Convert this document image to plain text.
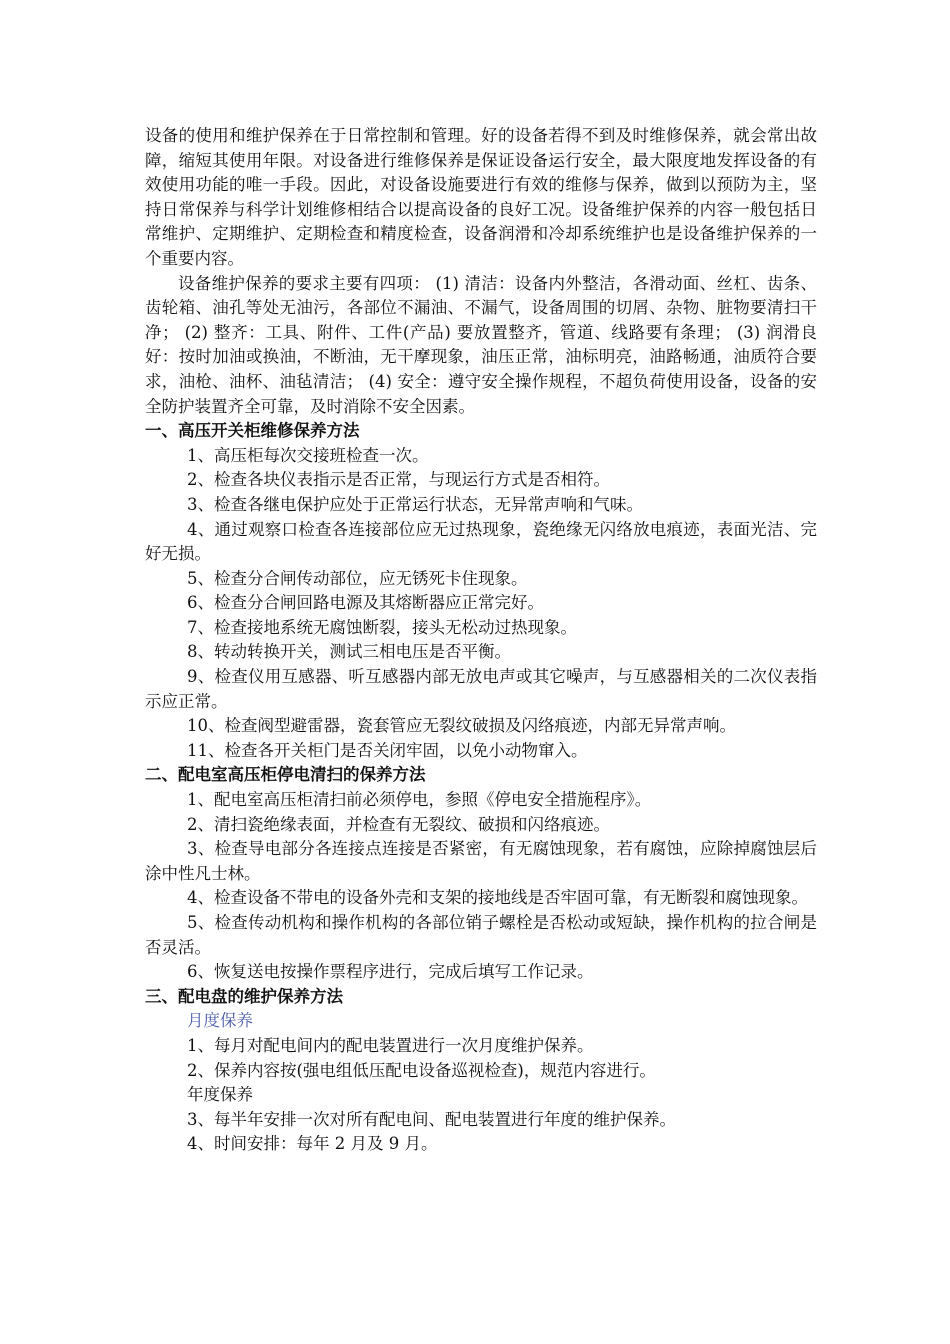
设备的使用和维护保养在于日常控制和管理。好的设备若得不到及时维修保养，就会常出故障，缩短其使用年限。对设备进行维修保养是保证设备运行安全，最大限度地发挥设备的有效使用功能的唯一手段。因此，对设备设施要进行有效的维修与保养，做到以预防为主，坚持日常保养与科学计划维修相结合以提高设备的良好工况。设备维护保养的内容一般包括日常维护、定期维护、定期检查和精度检查，设备润滑和冷却系统维护也是设备维护保养的一个重要内容。

设备维护保养的要求主要有四项： (1) 清洁：设备内外整洁，各滑动面、丝杠、齿条、齿轮箱、油孔等处无油污，各部位不漏油、不漏气，设备周围的切屑、杂物、脏物要清扫干净； (2) 整齐：工具、附件、工件(产品) 要放置整齐，管道、线路要有条理； (3) 润滑良好：按时加油或换油，不断油，无干摩现象，油压正常，油标明亮，油路畅通，油质符合要求，油枪、油杯、油毡清洁； (4) 安全：遵守安全操作规程，不超负荷使用设备，设备的安全防护装置齐全可靠，及时消除不安全因素。

一、高压开关柜维修保养方法

1、高压柜每次交接班检查一次。

2、检查各块仪表指示是否正常，与现运行方式是否相符。

3、检查各继电保护应处于正常运行状态，无异常声响和气味。

4、通过观察口检查各连接部位应无过热现象，瓷绝缘无闪络放电痕迹，表面光洁、完好无损。

5、检查分合闸传动部位，应无锈死卡住现象。

6、检查分合闸回路电源及其熔断器应正常完好。

7、检查接地系统无腐蚀断裂，接头无松动过热现象。

8、转动转换开关，测试三相电压是否平衡。

9、检查仪用互感器、听互感器内部无放电声或其它噪声，与互感器相关的二次仪表指示应正常。

10、检查阀型避雷器，瓷套管应无裂纹破损及闪络痕迹，内部无异常声响。

11、检查各开关柜门是否关闭牢固，以免小动物窜入。

二、配电室高压柜停电清扫的保养方法

1、配电室高压柜清扫前必须停电，参照《停电安全措施程序》。

2、清扫瓷绝缘表面，并检查有无裂纹、破损和闪络痕迹。

3、检查导电部分各连接点连接是否紧密，有无腐蚀现象，若有腐蚀，应除掉腐蚀层后涂中性凡士林。

4、检查设备不带电的设备外壳和支架的接地线是否牢固可靠，有无断裂和腐蚀现象。

5、检查传动机构和操作机构的各部位销子螺栓是否松动或短缺，操作机构的拉合闸是否灵活。

6、恢复送电按操作票程序进行，完成后填写工作记录。

三、配电盘的维护保养方法

月度保养

1、每月对配电间内的配电装置进行一次月度维护保养。

2、保养内容按(强电组低压配电设备巡视检查)，规范内容进行。

年度保养

3、每半年安排一次对所有配电间、配电装置进行年度的维护保养。

4、时间安排：每年 2 月及 9 月。
